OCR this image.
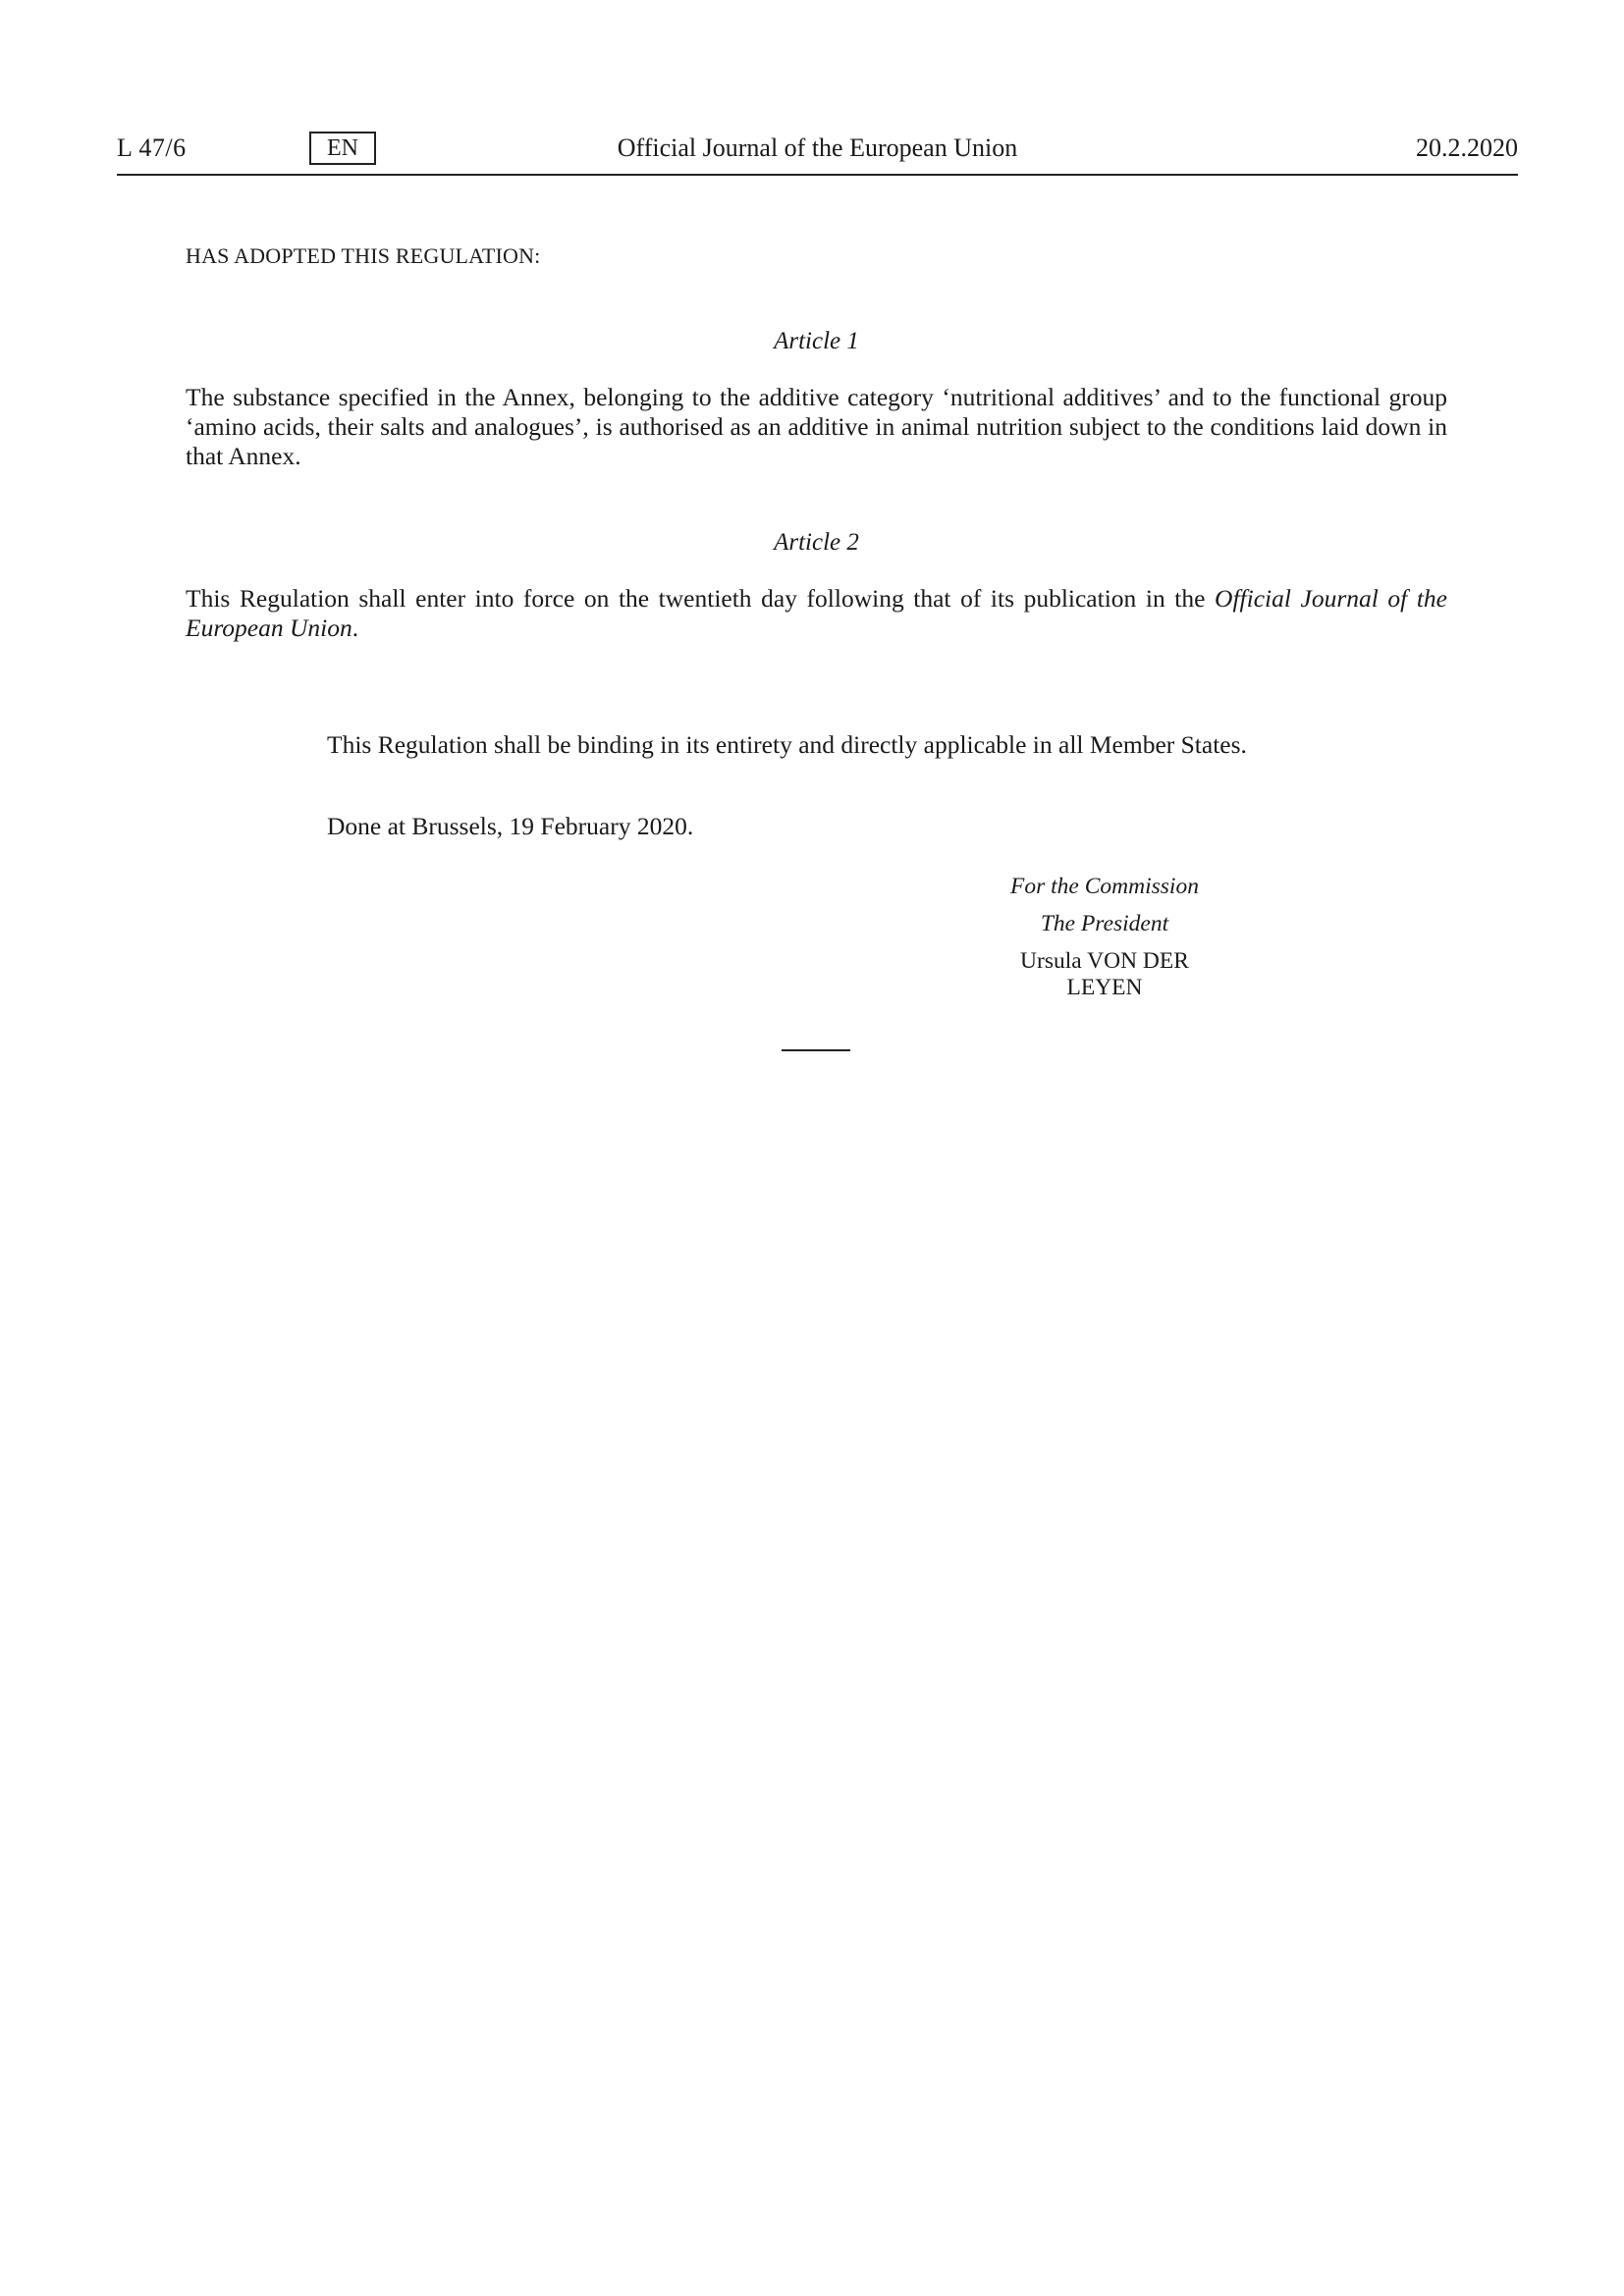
L 47/6	EN	Official Journal of the European Union	20.2.2020
HAS ADOPTED THIS REGULATION:
Article 1
The substance specified in the Annex, belonging to the additive category ‘nutritional additives’ and to the functional group ‘amino acids, their salts and analogues’, is authorised as an additive in animal nutrition subject to the conditions laid down in that Annex.
Article 2
This Regulation shall enter into force on the twentieth day following that of its publication in the Official Journal of the European Union.
This Regulation shall be binding in its entirety and directly applicable in all Member States.
Done at Brussels, 19 February 2020.
For the Commission
The President
Ursula VON DER LEYEN
